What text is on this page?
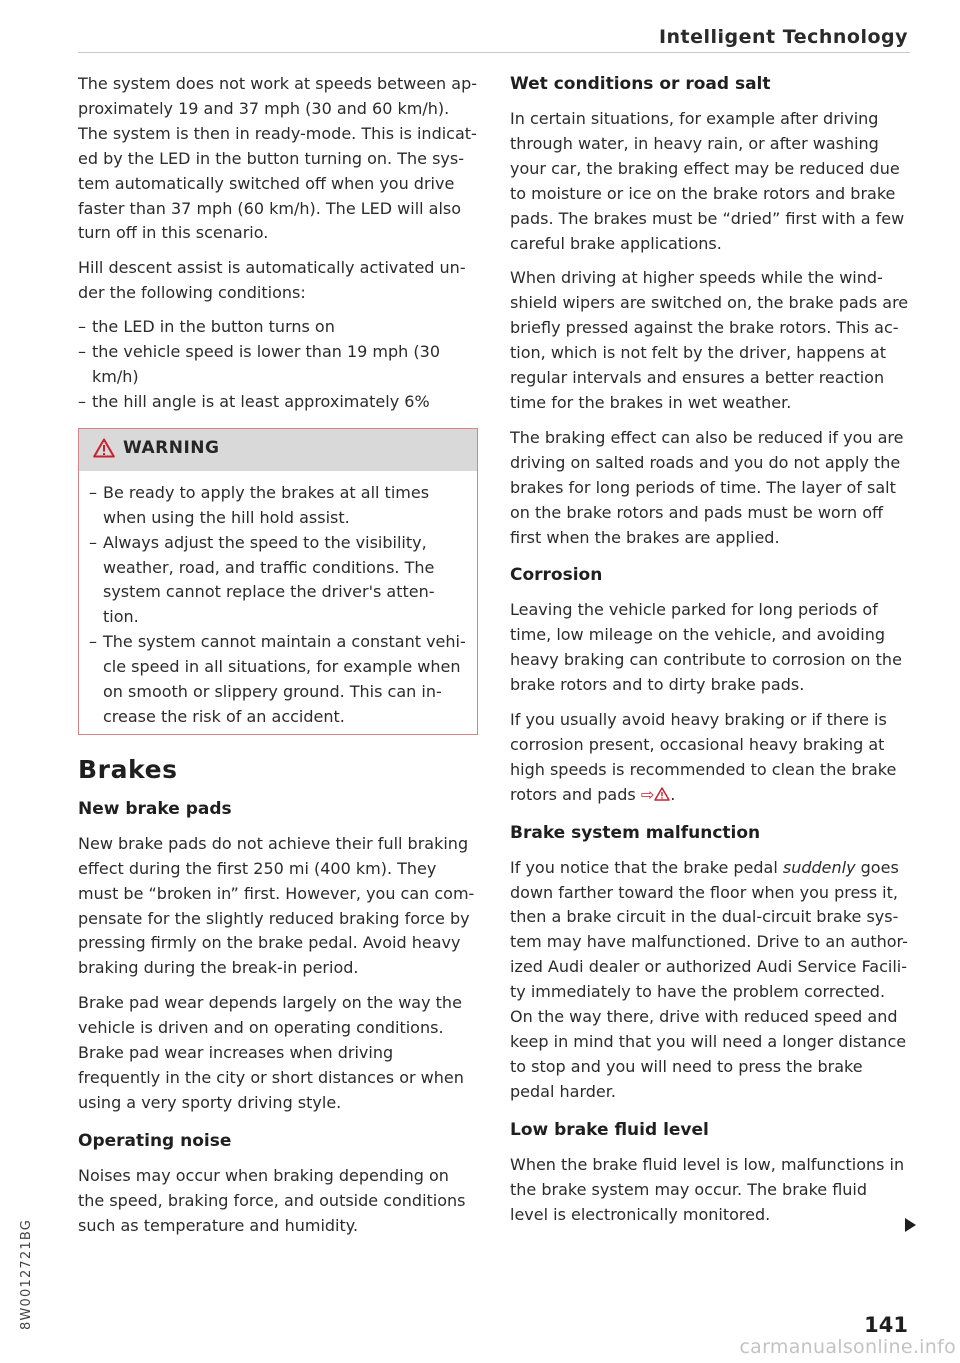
Intelligent Technology

The system does not work at speeds between ap-proximately 19 and 37 mph (30 and 60 km/h). The system is then in ready-mode. This is indicat-ed by the LED in the button turning on. The sys-tem automatically switched off when you drive faster than 37 mph (60 km/h). The LED will also turn off in this scenario.

Hill descent assist is automatically activated un-der the following conditions:

– the LED in the button turns on
– the vehicle speed is lower than 19 mph (30 km/h)
– the hill angle is at least approximately 6%
WARNING
– Be ready to apply the brakes at all times when using the hill hold assist.
– Always adjust the speed to the visibility, weather, road, and traffic conditions. The system cannot replace the driver's atten-tion.
– The system cannot maintain a constant vehi-cle speed in all situations, for example when on smooth or slippery ground. This can in-crease the risk of an accident.
Brakes
New brake pads

New brake pads do not achieve their full braking effect during the first 250 mi (400 km). They must be “broken in” first. However, you can com-pensate for the slightly reduced braking force by pressing firmly on the brake pedal. Avoid heavy braking during the break-in period.

Brake pad wear depends largely on the way the vehicle is driven and on operating conditions. Brake pad wear increases when driving frequently in the city or short distances or when using a very sporty driving style.

Operating noise

Noises may occur when braking depending on the speed, braking force, and outside conditions such as temperature and humidity.

Wet conditions or road salt

In certain situations, for example after driving through water, in heavy rain, or after washing your car, the braking effect may be reduced due to moisture or ice on the brake rotors and brake pads. The brakes must be “dried” first with a few careful brake applications.

When driving at higher speeds while the wind-shield wipers are switched on, the brake pads are briefly pressed against the brake rotors. This ac-tion, which is not felt by the driver, happens at regular intervals and ensures a better reaction time for the brakes in wet weather.

The braking effect can also be reduced if you are driving on salted roads and you do not apply the brakes for long periods of time. The layer of salt on the brake rotors and pads must be worn off first when the brakes are applied.

Corrosion

Leaving the vehicle parked for long periods of time, low mileage on the vehicle, and avoiding heavy braking can contribute to corrosion on the brake rotors and to dirty brake pads.

If you usually avoid heavy braking or if there is corrosion present, occasional heavy braking at high speeds is recommended to clean the brake rotors and pads ⇨ .

Brake system malfunction

If you notice that the brake pedal suddenly goes down farther toward the floor when you press it, then a brake circuit in the dual-circuit brake sys-tem may have malfunctioned. Drive to an author-ized Audi dealer or authorized Audi Service Facili-ty immediately to have the problem corrected. On the way there, drive with reduced speed and keep in mind that you will need a longer distance to stop and you will need to press the brake pedal harder.

Low brake fluid level

When the brake fluid level is low, malfunctions in the brake system may occur. The brake fluid level is electronically monitored.

8W0012721BG	141
carmanualsonline.info
